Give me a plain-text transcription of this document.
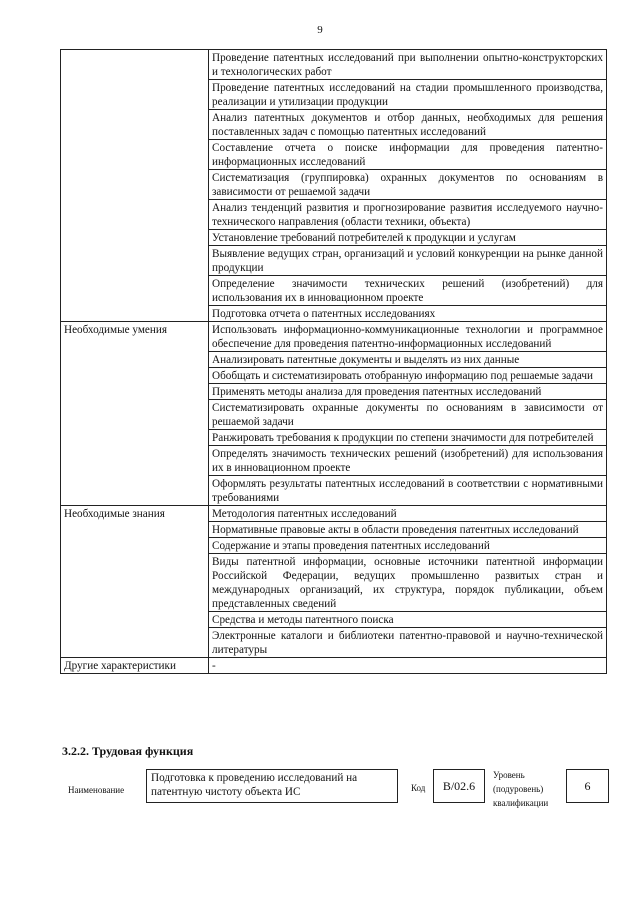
9
	Проведение патентных исследований при выполнении опытно-конструкторских и технологических работ
	Проведение патентных исследований на стадии промышленного производства, реализации и утилизации продукции
	Анализ патентных документов и отбор данных, необходимых для решения поставленных задач с помощью патентных исследований
	Составление отчета о поиске информации для проведения патентно-информационных исследований
	Систематизация (группировка) охранных документов по основаниям в зависимости от решаемой задачи
	Анализ тенденций развития и прогнозирование развития исследуемого научно-технического направления (области техники, объекта)
	Установление требований потребителей к продукции и услугам
	Выявление ведущих стран, организаций и условий конкуренции на рынке данной продукции
	Определение значимости технических решений (изобретений) для использования их в инновационном проекте
	Подготовка отчета о патентных исследованиях
Необходимые умения	Использовать информационно-коммуникационные технологии и программное обеспечение для проведения патентно-информационных исследований
	Анализировать патентные документы и выделять из них данные
	Обобщать и систематизировать отобранную информацию под решаемые задачи
	Применять методы анализа для проведения патентных исследований
	Систематизировать охранные документы по основаниям в зависимости от решаемой задачи
	Ранжировать требования к продукции по степени значимости для потребителей
	Определять значимость технических решений (изобретений) для использования их в инновационном проекте
	Оформлять результаты патентных исследований в соответствии с нормативными требованиями
Необходимые знания	Методология патентных исследований
	Нормативные правовые акты в области проведения патентных исследований
	Содержание и этапы проведения патентных исследований
	Виды патентной информации, основные источники патентной информации Российской Федерации, ведущих промышленно развитых стран и международных организаций, их структура, порядок публикации, объем представленных сведений
	Средства и методы патентного поиска
	Электронные каталоги и библиотеки патентно-правовой и научно-технической литературы
Другие характеристики	-
3.2.2. Трудовая функция
Наименование
Подготовка к проведению исследований на патентную чистоту объекта ИС	Код	B/02.6
Уровень (подуровень) квалификации
6
